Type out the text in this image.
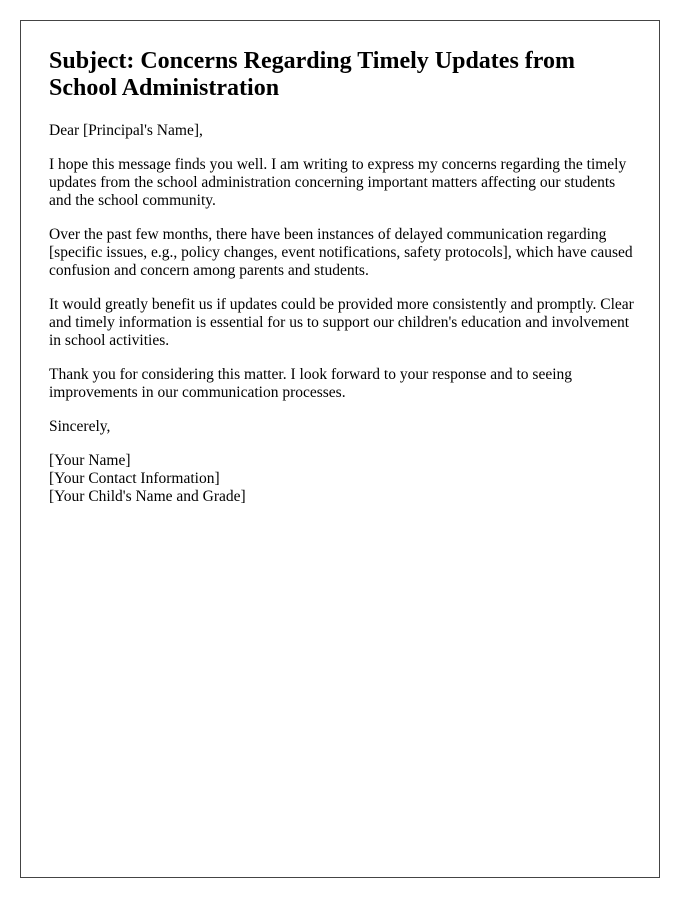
Subject: Concerns Regarding Timely Updates from School Administration

Dear [Principal's Name],

I hope this message finds you well. I am writing to express my concerns regarding the timely updates from the school administration concerning important matters affecting our students and the school community.

Over the past few months, there have been instances of delayed communication regarding [specific issues, e.g., policy changes, event notifications, safety protocols], which have caused confusion and concern among parents and students.

It would greatly benefit us if updates could be provided more consistently and promptly. Clear and timely information is essential for us to support our children's education and involvement in school activities.

Thank you for considering this matter. I look forward to your response and to seeing improvements in our communication processes.

Sincerely,

[Your Name]
[Your Contact Information]
[Your Child's Name and Grade]
